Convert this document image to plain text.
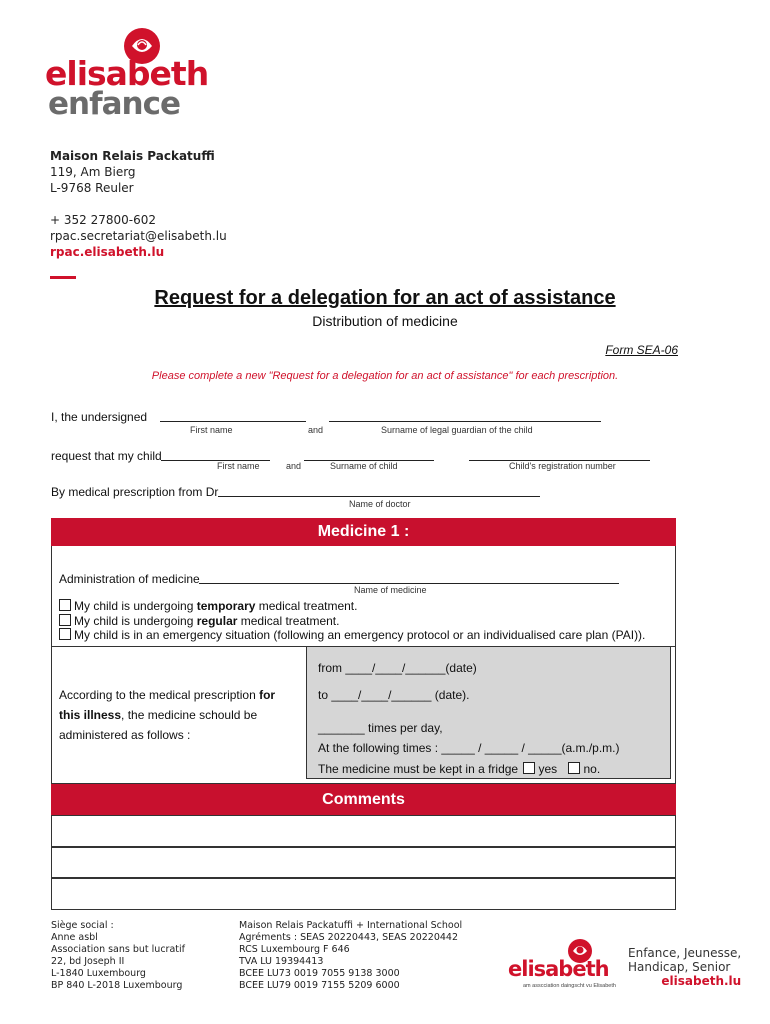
elisabeth
enfance
Maison Relais Packatuffi
119, Am Bierg
L-9768 Reuler
+ 352 27800-602
rpac.secretariat@elisabeth.lu
rpac.elisabeth.lu
Request for a delegation for an act of assistance
Distribution of medicine
Form SEA-06
Please complete a new "Request for a delegation for an act of assistance" for each prescription.
I, the undersigned
First name	and	Surname of legal guardian of the child
request that my child
First name	and	Surname of child	Child's registration number
By medical prescription from Dr
Name of doctor
Medicine 1 :
Administration of medicine
Name of medicine
My child is undergoing temporary medical treatment.
My child is undergoing regular medical treatment.
My child is in an emergency situation (following an emergency protocol or an individualised care plan (PAI)).
According to the medical prescription for
this illness, the medicine schould be
administered as follows :
from ____/____/______(date)
to ____/____/______ (date).
_______ times per day,
At the following times : _____ / _____ / _____(a.m./p.m.)
The medicine must be kept in a fridge yes no.
Comments
Siège social :
Anne asbl
Association sans but lucratif
22, bd Joseph II
L-1840 Luxembourg
BP 840 L-2018 Luxembourg
Maison Relais Packatuffi + International School
Agréments : SEAS 20220443, SEAS 20220442
RCS Luxembourg F 646
TVA LU 19394413
BCEE LU73 0019 7055 9138 3000
BCEE LU79 0019 7155 5209 6000
elisabeth
am asscciation daingscht vu Elisabeth
Enfance, Jeunesse,
Handicap, Senior
elisabeth.lu
